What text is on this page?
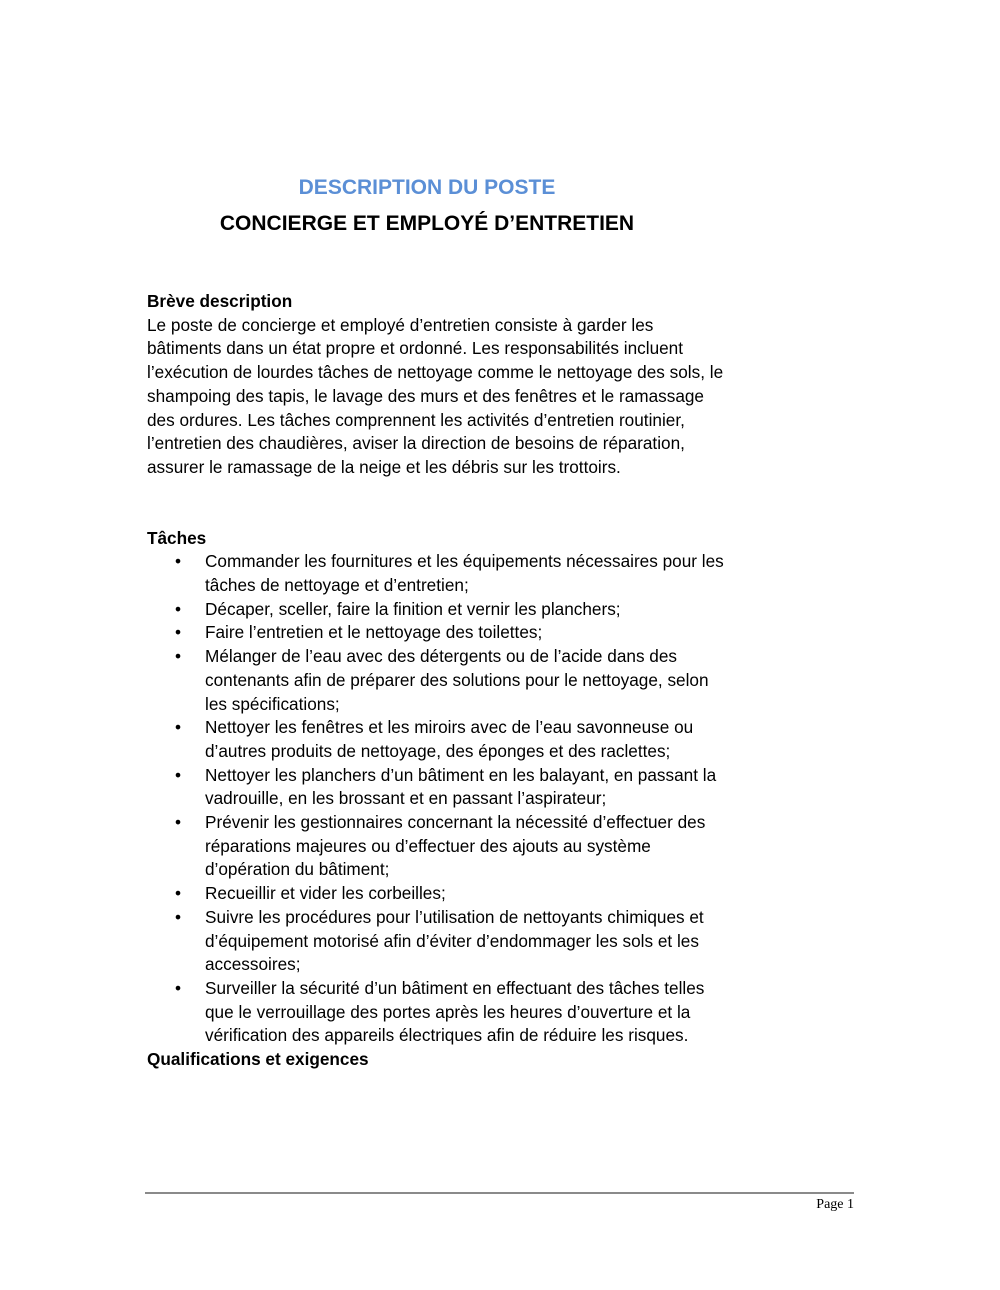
DESCRIPTION DU POSTE
CONCIERGE ET EMPLOYÉ D’ENTRETIEN
Brève description

Le poste de concierge et employé d’entretien consiste à garder les bâtiments dans un état propre et ordonné. Les responsabilités incluent l’exécution de lourdes tâches de nettoyage comme le nettoyage des sols, le shampoing des tapis, le lavage des murs et des fenêtres et le ramassage des ordures. Les tâches comprennent les activités d’entretien routinier, l’entretien des chaudières, aviser la direction de besoins de réparation, assurer le ramassage de la neige et les débris sur les trottoirs.

Tâches
• Commander les fournitures et les équipements nécessaires pour les tâches de nettoyage et d’entretien;
• Décaper, sceller, faire la finition et vernir les planchers;
• Faire l’entretien et le nettoyage des toilettes;
• Mélanger de l’eau avec des détergents ou de l’acide dans des contenants afin de préparer des solutions pour le nettoyage, selon les spécifications;
• Nettoyer les fenêtres et les miroirs avec de l’eau savonneuse ou d’autres produits de nettoyage, des éponges et des raclettes;
• Nettoyer les planchers d’un bâtiment en les balayant, en passant la vadrouille, en les brossant et en passant l’aspirateur;
• Prévenir les gestionnaires concernant la nécessité d’effectuer des réparations majeures ou d’effectuer des ajouts au système d’opération du bâtiment;
• Recueillir et vider les corbeilles;
• Suivre les procédures pour l’utilisation de nettoyants chimiques et d’équipement motorisé afin d’éviter d’endommager les sols et les accessoires;
• Surveiller la sécurité d’un bâtiment en effectuant des tâches telles que le verrouillage des portes après les heures d’ouverture et la vérification des appareils électriques afin de réduire les risques.
Qualifications et exigences
Page 1
